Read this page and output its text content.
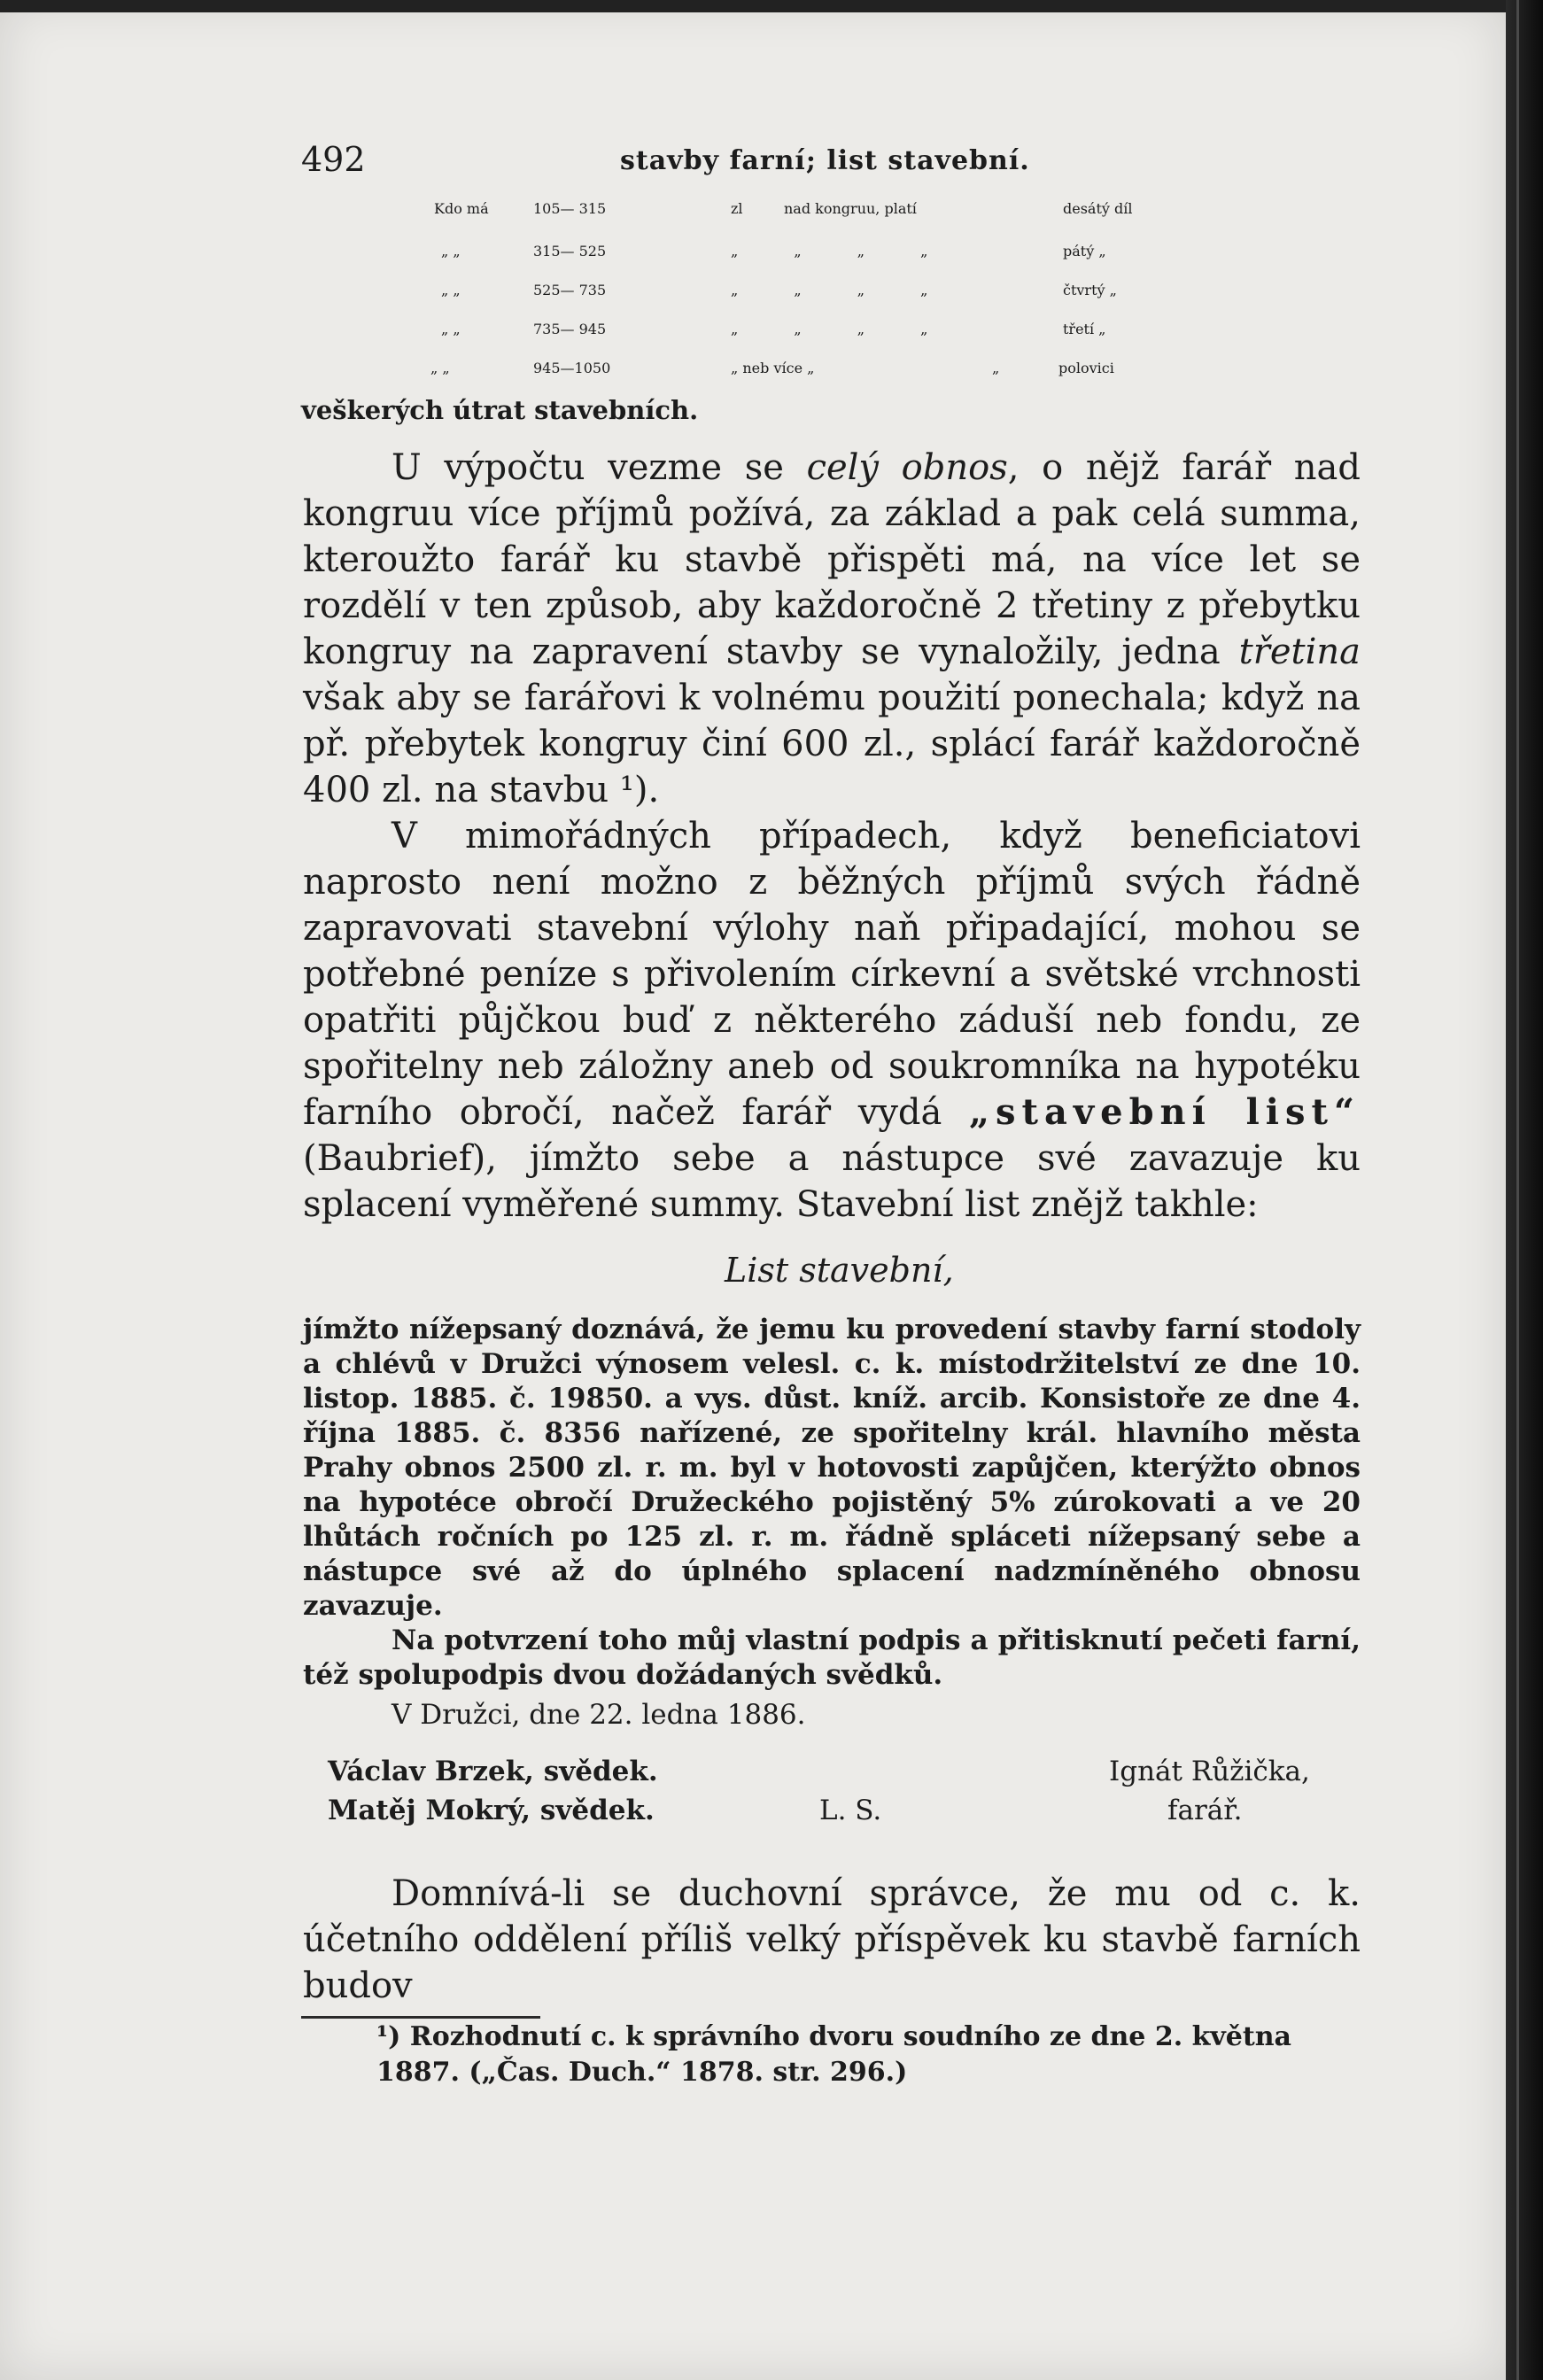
492	stavby farní; list stavební.
Kdo má	105— 315	zl	nad kongruu, platí	desátý díl
„ „	315— 525	„ „ „ „	pátý „
„ „	525— 735	„ „ „ „	čtvrtý „
„ „	735— 945	„ „ „ „	třetí „
„ „	945—1050	„ neb více „	„	polovici
veškerých útrat stavebních.

U výpočtu vezme se celý obnos, o nějž farář nad kongruu více příjmů požívá, za základ a pak celá summa, kteroužto farář ku stavbě přispěti má, na více let se rozdělí v ten způsob, aby každoročně 2 třetiny z přebytku kongruy na zapravení stavby se vynaložily, jedna třetina však aby se farářovi k volnému použití ponechala; když na př. přebytek kongruy činí 600 zl., splácí farář každoročně 400 zl. na stavbu ¹).

V mimořádných případech, když beneficiatovi naprosto není možno z běžných příjmů svých řádně zapravovati stavební výlohy naň připadající, mohou se potřebné peníze s přivolením církevní a světské vrchnosti opatřiti půjčkou buď z některého záduší neb fondu, ze spořitelny neb záložny aneb od soukromníka na hypotéku farního obročí, načež farář vydá „stavební list“ (Baubrief), jímžto sebe a nástupce své zavazuje ku splacení vyměřené summy. Stavební list znějž takhle:

List stavební,

jímžto nížepsaný doznává, že jemu ku provedení stavby farní stodoly a chlévů v Družci výnosem velesl. c. k. místodržitelství ze dne 10. listop. 1885. č. 19850. a vys. důst. kníž. arcib. Konsistoře ze dne 4. října 1885. č. 8356 nařízené, ze spořitelny král. hlavního města Prahy obnos 2500 zl. r. m. byl v hotovosti zapůjčen, kterýžto obnos na hypotéce obročí Družeckého pojistěný 5% zúrokovati a ve 20 lhůtách ročních po 125 zl. r. m. řádně spláceti nížepsaný sebe a nástupce své až do úplného splacení nadzmíněného obnosu zavazuje.

Na potvrzení toho můj vlastní podpis a přitisknutí pečeti farní, též spolupodpis dvou dožádaných svědků.

V Družci, dne 22. ledna 1886.

Václav Brzek, svědek.
Matěj Mokrý, svědek.	L. S.
Ignát Růžička,
farář.

Domnívá-li se duchovní správce, že mu od c. k. účetního oddělení příliš velký příspěvek ku stavbě farních budov

¹) Rozhodnutí c. k správního dvoru soudního ze dne 2. května 1887. („Čas. Duch.“ 1878. str. 296.)
